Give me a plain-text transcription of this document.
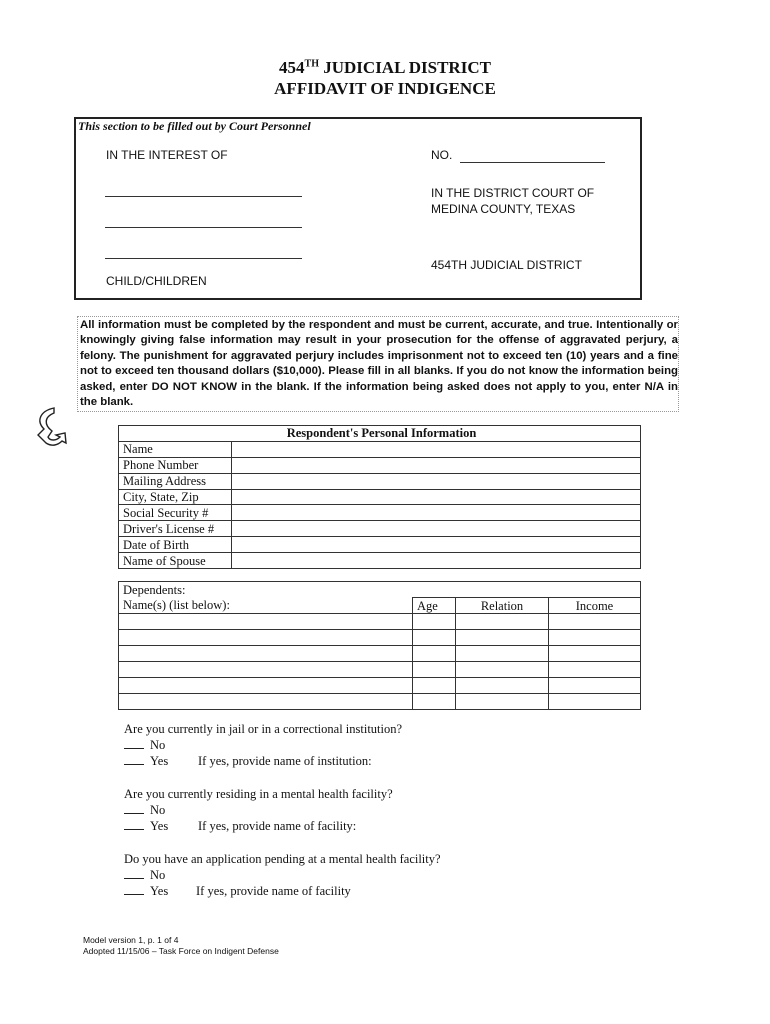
454TH JUDICIAL DISTRICT
AFFIDAVIT OF INDIGENCE
This section to be filled out by Court Personnel
IN THE INTEREST OF	NO.
IN THE DISTRICT COURT OF
MEDINA COUNTY, TEXAS
454TH JUDICIAL DISTRICT
CHILD/CHILDREN
All information must be completed by the respondent and must be current, accurate, and true. Intentionally or knowingly giving false information may result in your prosecution for the offense of aggravated perjury, a felony. The punishment for aggravated perjury includes imprisonment not to exceed ten (10) years and a fine not to exceed ten thousand dollars ($10,000). Please fill in all blanks. If you do not know the information being asked, enter DO NOT KNOW in the blank. If the information being asked does not apply to you, enter N/A in the blank.
Respondent's Personal Information	
Name	
Phone Number	
Mailing Address	
City, State, Zip	
Social Security #	
Driver's License #	
Date of Birth	
Name of Spouse	
Dependents:			
Name(s) (list below):	Age	Relation	Income

Are you currently in jail or in a correctional institution?
No
Yes If yes, provide name of institution:
Are you currently residing in a mental health facility?
No
Yes If yes, provide name of facility:
Do you have an application pending at a mental health facility?
No
Yes If yes, provide name of facility
Model version 1, p. 1 of 4
Adopted 11/15/06 – Task Force on Indigent Defense
